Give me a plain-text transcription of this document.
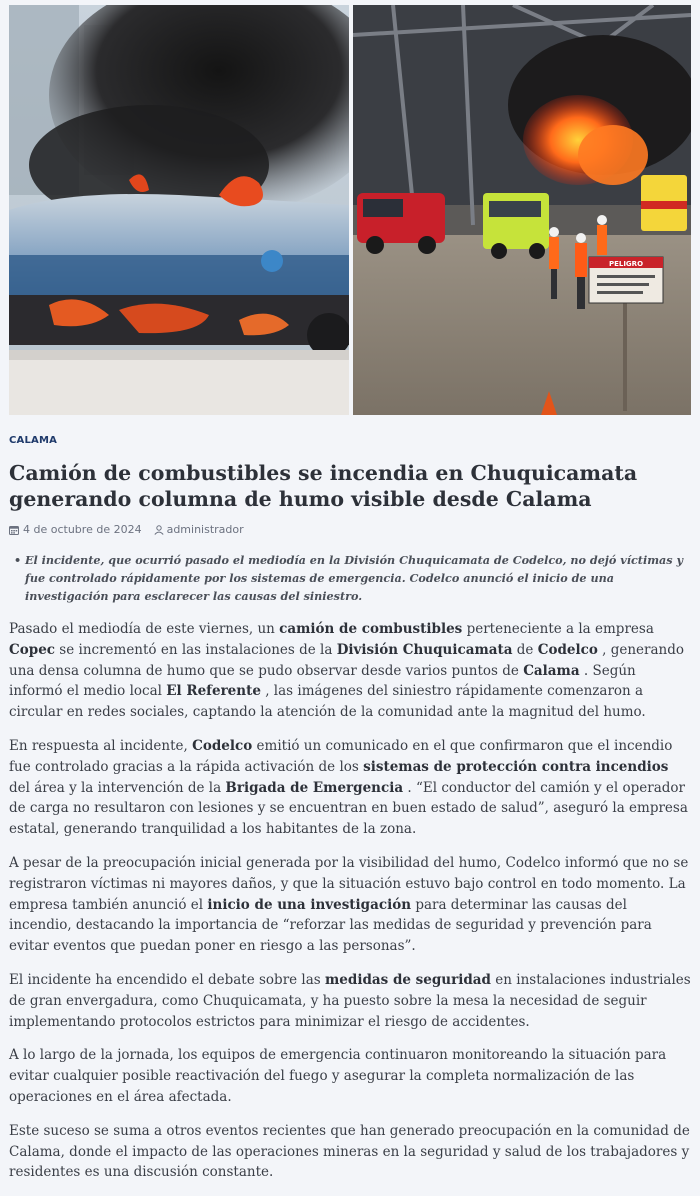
PELIGRO
CALAMA
Camión de combustibles se incendia en Chuquicamata generando columna de humo visible desde Calama
4 de octubre de 2024 administrador
• El incidente, que ocurrió pasado el mediodía en la División Chuquicamata de Codelco, no dejó víctimas y fue controlado rápidamente por los sistemas de emergencia. Codelco anunció el inicio de una investigación para esclarecer las causas del siniestro.

Pasado el mediodía de este viernes, un camión de combustibles perteneciente a la empresa Copec se incrementó en las instalaciones de la División Chuquicamata de Codelco , generando una densa columna de humo que se pudo observar desde varios puntos de Calama . Según informó el medio local El Referente , las imágenes del siniestro rápidamente comenzaron a circular en redes sociales, captando la atención de la comunidad ante la magnitud del humo.

En respuesta al incidente, Codelco emitió un comunicado en el que confirmaron que el incendio fue controlado gracias a la rápida activación de los sistemas de protección contra incendios del área y la intervención de la Brigada de Emergencia . “El conductor del camión y el operador de carga no resultaron con lesiones y se encuentran en buen estado de salud”, aseguró la empresa estatal, generando tranquilidad a los habitantes de la zona.

A pesar de la preocupación inicial generada por la visibilidad del humo, Codelco informó que no se registraron víctimas ni mayores daños, y que la situación estuvo bajo control en todo momento. La empresa también anunció el inicio de una investigación para determinar las causas del incendio, destacando la importancia de “reforzar las medidas de seguridad y prevención para evitar eventos que puedan poner en riesgo a las personas”.

El incidente ha encendido el debate sobre las medidas de seguridad en instalaciones industriales de gran envergadura, como Chuquicamata, y ha puesto sobre la mesa la necesidad de seguir implementando protocolos estrictos para minimizar el riesgo de accidentes.

A lo largo de la jornada, los equipos de emergencia continuaron monitoreando la situación para evitar cualquier posible reactivación del fuego y asegurar la completa normalización de las operaciones en el área afectada.

Este suceso se suma a otros eventos recientes que han generado preocupación en la comunidad de Calama, donde el impacto de las operaciones mineras en la seguridad y salud de los trabajadores y residentes es una discusión constante.
